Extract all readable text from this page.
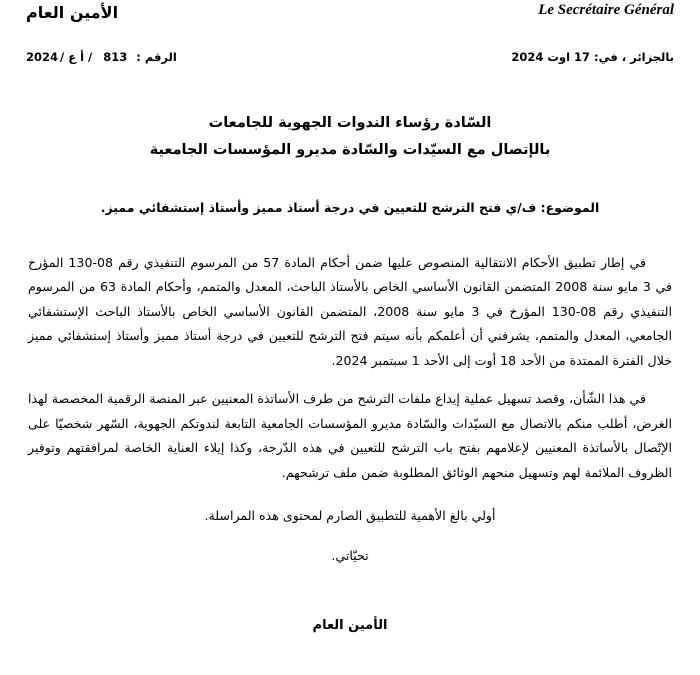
الأمين العام	Le Secrétaire Général
الرقم :813/ أ ع /2024	بالجزائر ، في: 17 اوت 2024
السّادة رؤساء الندوات الجهوية للجامعات
بالإتصال مع السيّدات والسّادة مديرو المؤسسات الجامعية
الموضوع: ف/ي فتح الترشح للتعيين في درجة أستاذ مميز وأستاذ إستشفائي مميز.

في إطار تطبيق الأحكام الانتقالية المنصوص عليها ضمن أحكام المادة 57 من المرسوم التنفيذي رقم 08-130 المؤرخ في 3 مايو سنة 2008 المتضمن القانون الأساسي الخاص بالأستاذ الباحث، المعدل والمتمم، وأحكام المادة 63 من المرسوم التنفيذي رقم 08-130 المؤرخ في 3 مايو سنة 2008، المتضمن القانون الأساسي الخاص بالأستاذ الباحث الإستشفائي الجامعي، المعدل والمتمم، يشرفني أن أعلمكم بأنه سيتم فتح الترشح للتعيين في درجة أستاذ مميز وأستاذ إستشفائي مميز خلال الفترة الممتدة من الأحد 18 أوت إلى الأحد 1 سبتمبر 2024.

في هذا الشّأن، وقصد تسهيل عملية إيداع ملفات الترشح من طرف الأساتذة المعنيين عبر المنصة الرقمية المخصصة لهذا الغرض، أطلب منكم بالاتصال مع السيّدات والسّادة مديرو المؤسسات الجامعية التابعة لندوتكم الجهوية، السّهر شخصيّا على الإتّصال بالأساتذة المعنيين لإعلامهم بفتح باب الترشح للتعيين في هذه الدّرجة، وكذا إيلاء العناية الخاصة لمرافقتهم وتوفير الظروف الملائمة لهم وتسهيل منحهم الوثائق المطلوبة ضمن ملف ترشحهم.

أولي بالغ الأهمية للتطبيق الصارم لمحتوى هذه المراسلة.
تحيّاتي.
الأمين العام
